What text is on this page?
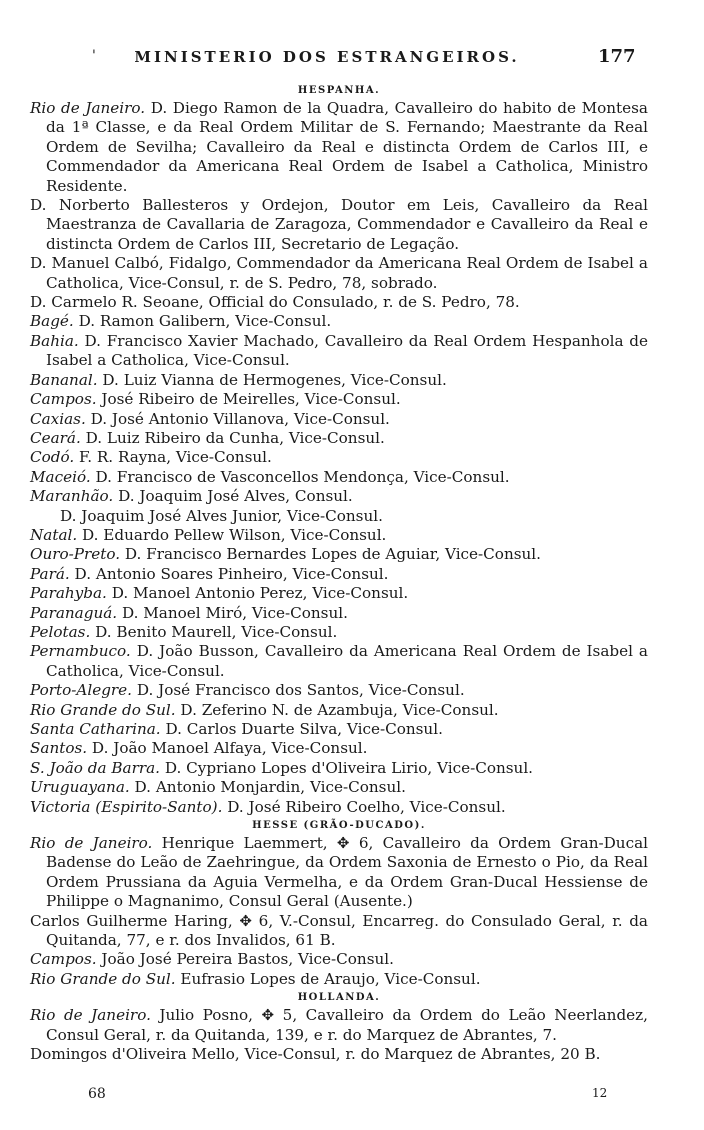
'	MINISTERIO DOS ESTRANGEIROS.	177
HESPANHA.

Rio de Janeiro. D. Diego Ramon de la Quadra, Cavalleiro do habito de Montesa da 1ª Classe, e da Real Ordem Militar de S. Fernando; Maestrante da Real Ordem de Sevilha; Cavalleiro da Real e distincta Ordem de Carlos III, e Commendador da Americana Real Ordem de Isabel a Catholica, Ministro Residente.

D. Norberto Ballesteros y Ordejon, Doutor em Leis, Cavalleiro da Real Maestranza de Cavallaria de Zaragoza, Commendador e Cavalleiro da Real e distincta Ordem de Carlos III, Secretario de Legação.

D. Manuel Calbó, Fidalgo, Commendador da Americana Real Ordem de Isabel a Catholica, Vice-Consul, r. de S. Pedro, 78, sobrado.

D. Carmelo R. Seoane, Official do Consulado, r. de S. Pedro, 78.

Bagé. D. Ramon Galibern, Vice-Consul.

Bahia. D. Francisco Xavier Machado, Cavalleiro da Real Ordem Hespanhola de Isabel a Catholica, Vice-Consul.

Bananal. D. Luiz Vianna de Hermogenes, Vice-Consul.

Campos. José Ribeiro de Meirelles, Vice-Consul.

Caxias. D. José Antonio Villanova, Vice-Consul.

Ceará. D. Luiz Ribeiro da Cunha, Vice-Consul.

Codó. F. R. Rayna, Vice-Consul.

Maceió. D. Francisco de Vasconcellos Mendonça, Vice-Consul.

Maranhão. D. Joaquim José Alves, Consul.

D. Joaquim José Alves Junior, Vice-Consul.

Natal. D. Eduardo Pellew Wilson, Vice-Consul.

Ouro-Preto. D. Francisco Bernardes Lopes de Aguiar, Vice-Consul.

Pará. D. Antonio Soares Pinheiro, Vice-Consul.

Parahyba. D. Manoel Antonio Perez, Vice-Consul.

Paranaguá. D. Manoel Miró, Vice-Consul.

Pelotas. D. Benito Maurell, Vice-Consul.

Pernambuco. D. João Busson, Cavalleiro da Americana Real Ordem de Isabel a Catholica, Vice-Consul.

Porto-Alegre. D. José Francisco dos Santos, Vice-Consul.

Rio Grande do Sul. D. Zeferino N. de Azambuja, Vice-Consul.

Santa Catharina. D. Carlos Duarte Silva, Vice-Consul.

Santos. D. João Manoel Alfaya, Vice-Consul.

S. João da Barra. D. Cypriano Lopes d'Oliveira Lirio, Vice-Consul.

Uruguayana. D. Antonio Monjardin, Vice-Consul.

Victoria (Espirito-Santo). D. José Ribeiro Coelho, Vice-Consul.

HESSE (GRÃO-DUCADO).

Rio de Janeiro. Henrique Laemmert, ✥ 6, Cavalleiro da Ordem Gran-Ducal Badense do Leão de Zaehringue, da Ordem Saxonia de Ernesto o Pio, da Real Ordem Prussiana da Aguia Vermelha, e da Ordem Gran-Ducal Hessiense de Philippe o Magnanimo, Consul Geral (Ausente.)

Carlos Guilherme Haring, ✥ 6, V.-Consul, Encarreg. do Consulado Geral, r. da Quitanda, 77, e r. dos Invalidos, 61 B.

Campos. João José Pereira Bastos, Vice-Consul.

Rio Grande do Sul. Eufrasio Lopes de Araujo, Vice-Consul.

HOLLANDA.

Rio de Janeiro. Julio Posno, ✥ 5, Cavalleiro da Ordem do Leão Neerlandez, Consul Geral, r. da Quitanda, 139, e r. do Marquez de Abrantes, 7.

Domingos d'Oliveira Mello, Vice-Consul, r. do Marquez de Abrantes, 20 B.

68	12
